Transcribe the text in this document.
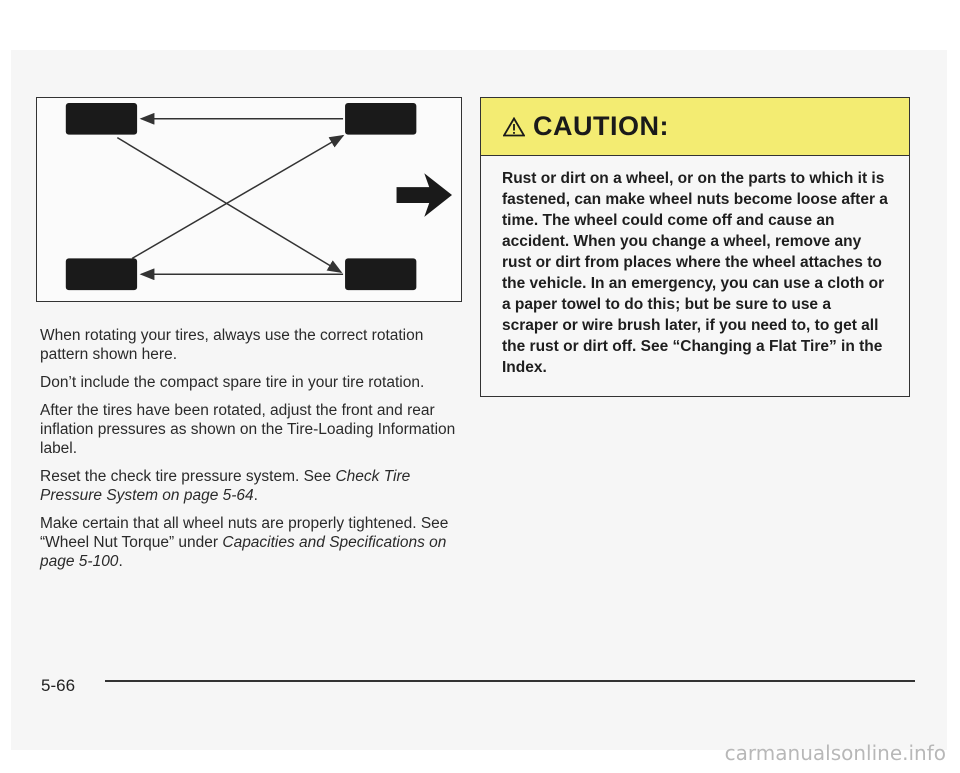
When rotating your tires, always use the correct rotation pattern shown here.

Don’t include the compact spare tire in your tire rotation.

After the tires have been rotated, adjust the front and rear inflation pressures as shown on the Tire-Loading Information label.

Reset the check tire pressure system. See Check Tire Pressure System on page 5-64.

Make certain that all wheel nuts are properly tightened. See “Wheel Nut Torque” under Capacities and Specifications on page 5-100.

CAUTION:
Rust or dirt on a wheel, or on the parts to which it is fastened, can make wheel nuts become loose after a time. The wheel could come off and cause an accident. When you change a wheel, remove any rust or dirt from places where the wheel attaches to the vehicle. In an emergency, you can use a cloth or a paper towel to do this; but be sure to use a scraper or wire brush later, if you need to, to get all the rust or dirt off. See “Changing a Flat Tire” in the Index.
5-66
carmanualsonline.info
